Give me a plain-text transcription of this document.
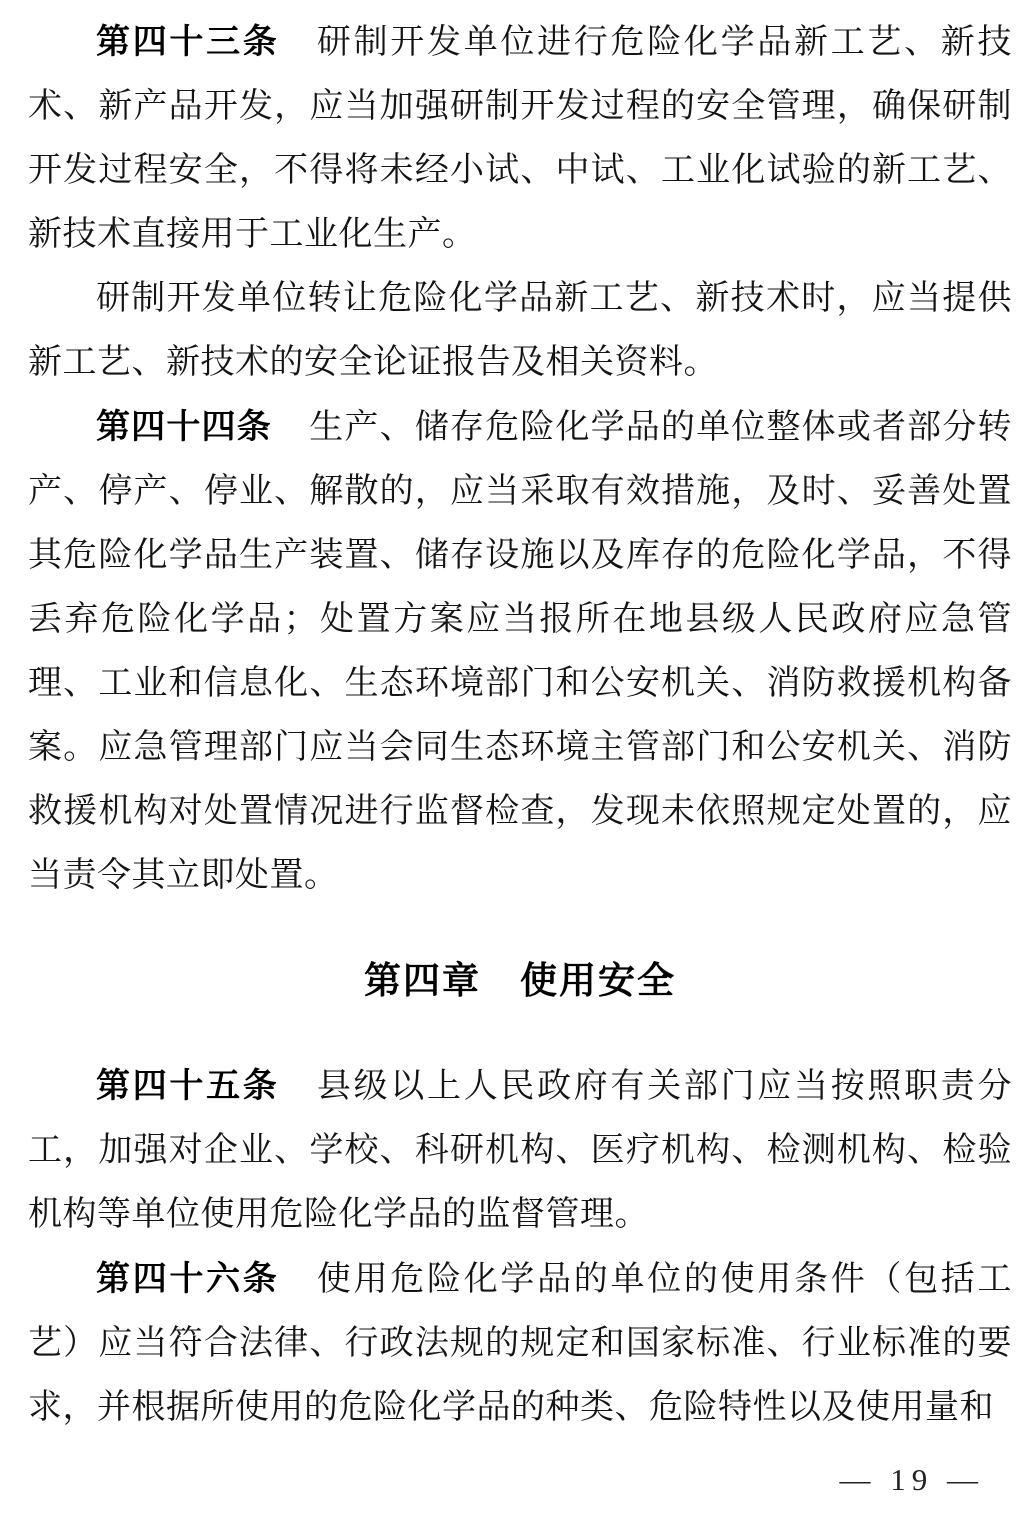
第四十三条 研制开发单位进行危险化学品新工艺、新技术、新产品开发，应当加强研制开发过程的安全管理，确保研制开发过程安全，不得将未经小试、中试、工业化试验的新工艺、新技术直接用于工业化生产。

研制开发单位转让危险化学品新工艺、新技术时，应当提供新工艺、新技术的安全论证报告及相关资料。

第四十四条 生产、储存危险化学品的单位整体或者部分转产、停产、停业、解散的，应当采取有效措施，及时、妥善处置其危险化学品生产装置、储存设施以及库存的危险化学品，不得丢弃危险化学品；处置方案应当报所在地县级人民政府应急管理、工业和信息化、生态环境部门和公安机关、消防救援机构备案。应急管理部门应当会同生态环境主管部门和公安机关、消防救援机构对处置情况进行监督检查，发现未依照规定处置的，应当责令其立即处置。

第四章　使用安全

第四十五条 县级以上人民政府有关部门应当按照职责分工，加强对企业、学校、科研机构、医疗机构、检测机构、检验机构等单位使用危险化学品的监督管理。

第四十六条 使用危险化学品的单位的使用条件（包括工艺）应当符合法律、行政法规的规定和国家标准、行业标准的要求，并根据所使用的危险化学品的种类、危险特性以及使用量和

— 19 —
